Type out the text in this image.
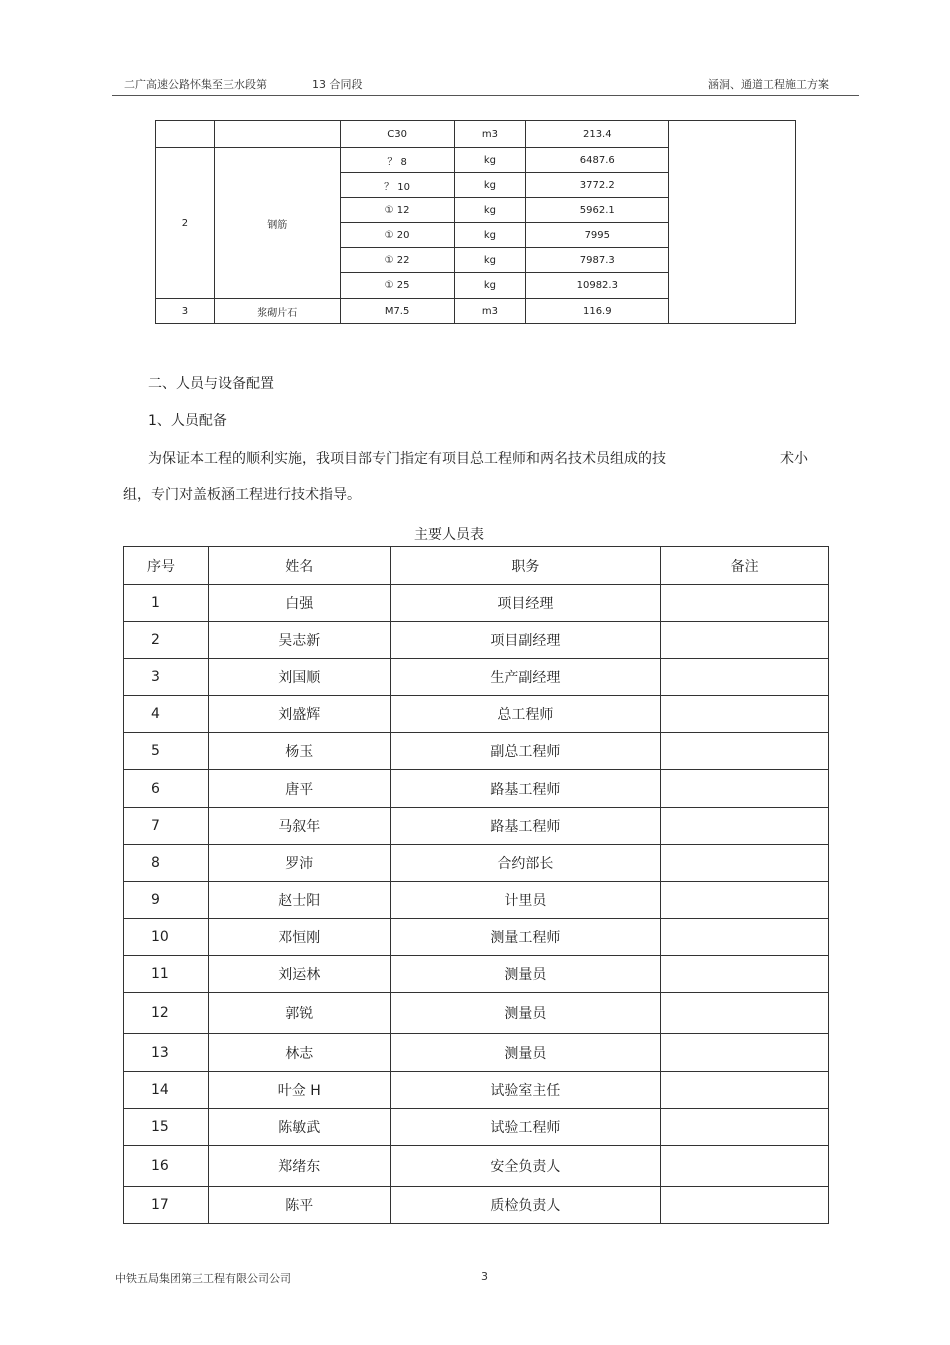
二广高速公路怀集至三水段第	13 合同段	涵洞、通道工程施工方案
		C30	m3	213.4	
2	钢筋	？ 8	kg	6487.6	
		？ 10	kg	3772.2	
		① 12	kg	5962.1	
		① 20	kg	7995	
		① 22	kg	7987.3	
		① 25	kg	10982.3	
3	浆砌片石	M7.5	m3	116.9	
二、人员与设备配置
1、人员配备
为保证本工程的顺利实施，我项目部专门指定有项目总工程师和两名技术员组成的技	术小
组，专门对盖板涵工程进行技术指导。
主要人员表
序号	姓名	职务	备注
1	白强	项目经理	
2	吴志新	项目副经理	
3	刘国顺	生产副经理	
4	刘盛辉	总工程师	
5	杨玉	副总工程师	
6	唐平	路基工程师	
7	马叙年	路基工程师	
8	罗沛	合约部长	
9	赵士阳	计里员	
10	邓恒刚	测量工程师	
11	刘运林	测量员	
12	郭锐	测量员	
13	林志	测量员	
14	叶佥 H	试验室主任	
15	陈敏武	试验工程师	
16	郑绪东	安全负责人	
17	陈平	质检负责人	
中铁五局集团第三工程有限公司公司	3
